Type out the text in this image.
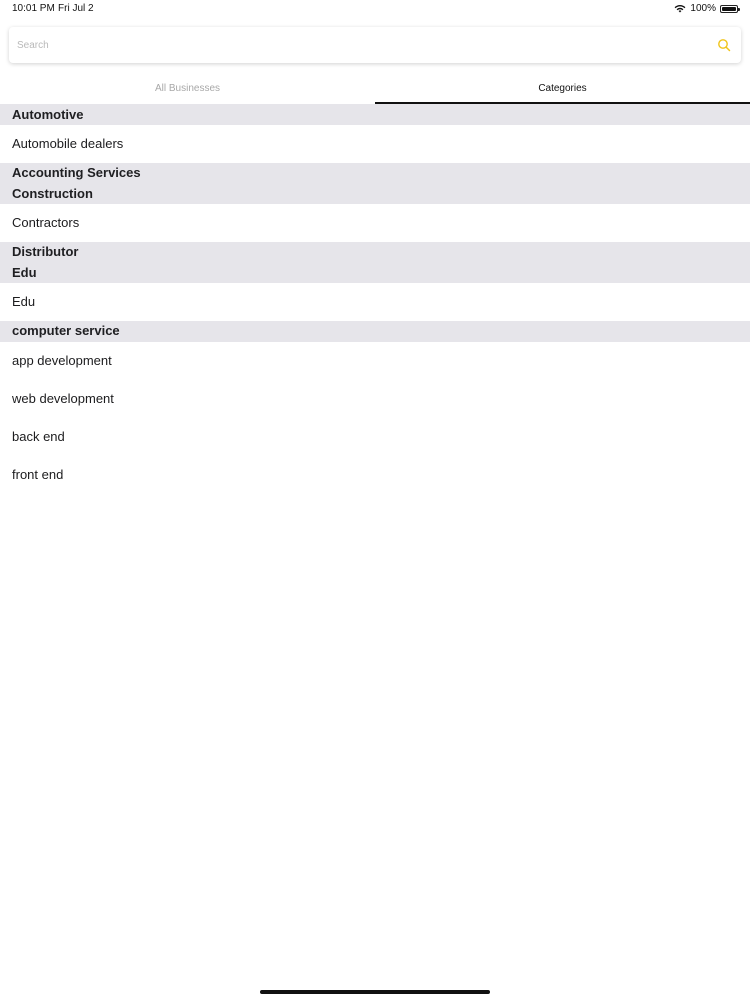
10:01 PM Fri Jul 2	100%
Search
All Businesses	Categories
Automotive
Automobile dealers
Accounting Services
Construction
Contractors
Distributor
Edu
Edu
computer service
app development
web development
back end
front end
